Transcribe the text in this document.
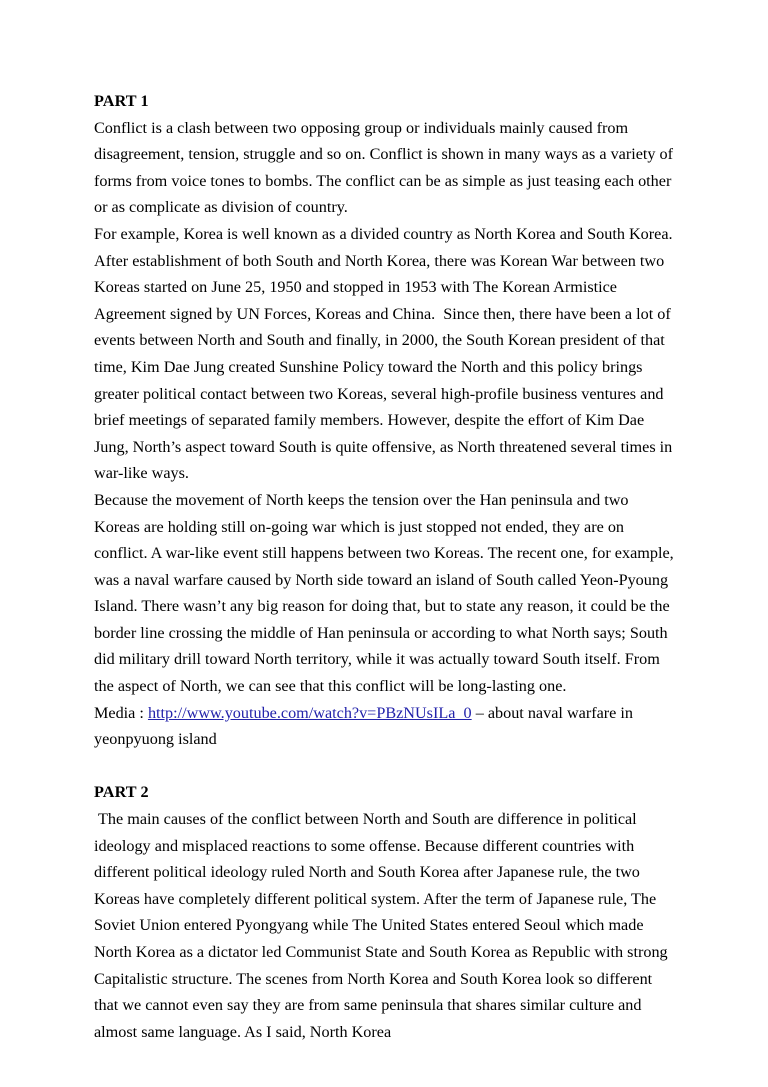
PART 1

Conflict is a clash between two opposing group or individuals mainly caused from disagreement, tension, struggle and so on. Conflict is shown in many ways as a variety of forms from voice tones to bombs. The conflict can be as simple as just teasing each other or as complicate as division of country.

For example, Korea is well known as a divided country as North Korea and South Korea. After establishment of both South and North Korea, there was Korean War between two Koreas started on June 25, 1950 and stopped in 1953 with The Korean Armistice Agreement signed by UN Forces, Koreas and China.  Since then, there have been a lot of events between North and South and finally, in 2000, the South Korean president of that time, Kim Dae Jung created Sunshine Policy toward the North and this policy brings greater political contact between two Koreas, several high-profile business ventures and brief meetings of separated family members. However, despite the effort of Kim Dae Jung, North’s aspect toward South is quite offensive, as North threatened several times in war-like ways.

Because the movement of North keeps the tension over the Han peninsula and two Koreas are holding still on-going war which is just stopped not ended, they are on conflict. A war-like event still happens between two Koreas. The recent one, for example, was a naval warfare caused by North side toward an island of South called Yeon-Pyoung Island. There wasn’t any big reason for doing that, but to state any reason, it could be the border line crossing the middle of Han peninsula or according to what North says; South did military drill toward North territory, while it was actually toward South itself. From the aspect of North, we can see that this conflict will be long-lasting one.

Media : http://www.youtube.com/watch?v=PBzNUsILa_0 – about naval warfare in yeonpyuong island

PART 2

The main causes of the conflict between North and South are difference in political ideology and misplaced reactions to some offense. Because different countries with different political ideology ruled North and South Korea after Japanese rule, the two Koreas have completely different political system. After the term of Japanese rule, The Soviet Union entered Pyongyang while The United States entered Seoul which made North Korea as a dictator led Communist State and South Korea as Republic with strong Capitalistic structure. The scenes from North Korea and South Korea look so different that we cannot even say they are from same peninsula that shares similar culture and almost same language. As I said, North Korea
